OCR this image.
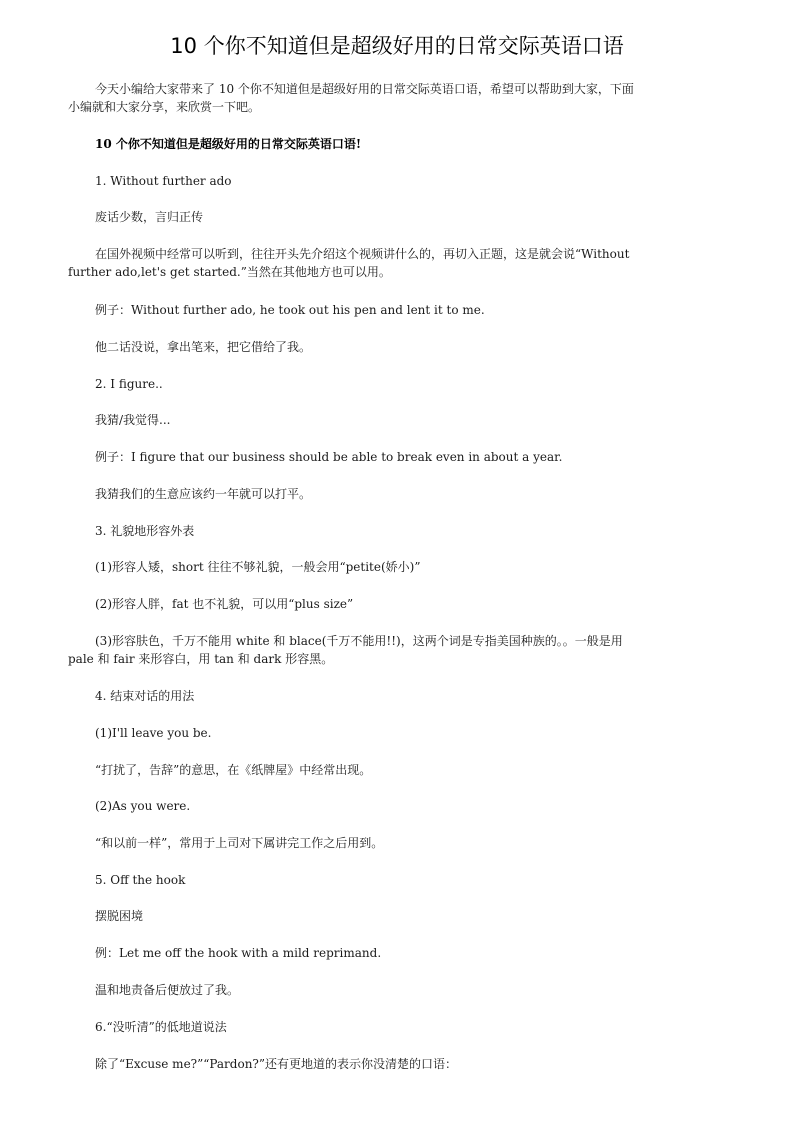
10 个你不知道但是超级好用的日常交际英语口语
今天小编给大家带来了 10 个你不知道但是超级好用的日常交际英语口语，希望可以帮助到大家，下面
小编就和大家分享，来欣赏一下吧。
10 个你不知道但是超级好用的日常交际英语口语!
1. Without further ado
废话少数，言归正传
在国外视频中经常可以听到，往往开头先介绍这个视频讲什么的，再切入正题，这是就会说“Without
further ado,let's get started.”当然在其他地方也可以用。
例子：Without further ado, he took out his pen and lent it to me.
他二话没说，拿出笔来，把它借给了我。
2. I figure..
我猜/我觉得...
例子：I figure that our business should be able to break even in about a year.
我猜我们的生意应该约一年就可以打平。
3. 礼貌地形容外表
(1)形容人矮，short 往往不够礼貌，一般会用“petite(娇小)”
(2)形容人胖，fat 也不礼貌，可以用“plus size”
(3)形容肤色，千万不能用 white 和 blace(千万不能用!!)，这两个词是专指美国种族的。。一般是用
pale 和 fair 来形容白，用 tan 和 dark 形容黑。
4. 结束对话的用法
(1)I'll leave you be.
“打扰了，告辞”的意思，在《纸牌屋》中经常出现。
(2)As you were.
“和以前一样”，常用于上司对下属讲完工作之后用到。
5. Off the hook
摆脱困境
例：Let me off the hook with a mild reprimand.
温和地责备后便放过了我。
6.“没听清”的低地道说法
除了“Excuse me?”“Pardon?”还有更地道的表示你没清楚的口语：
